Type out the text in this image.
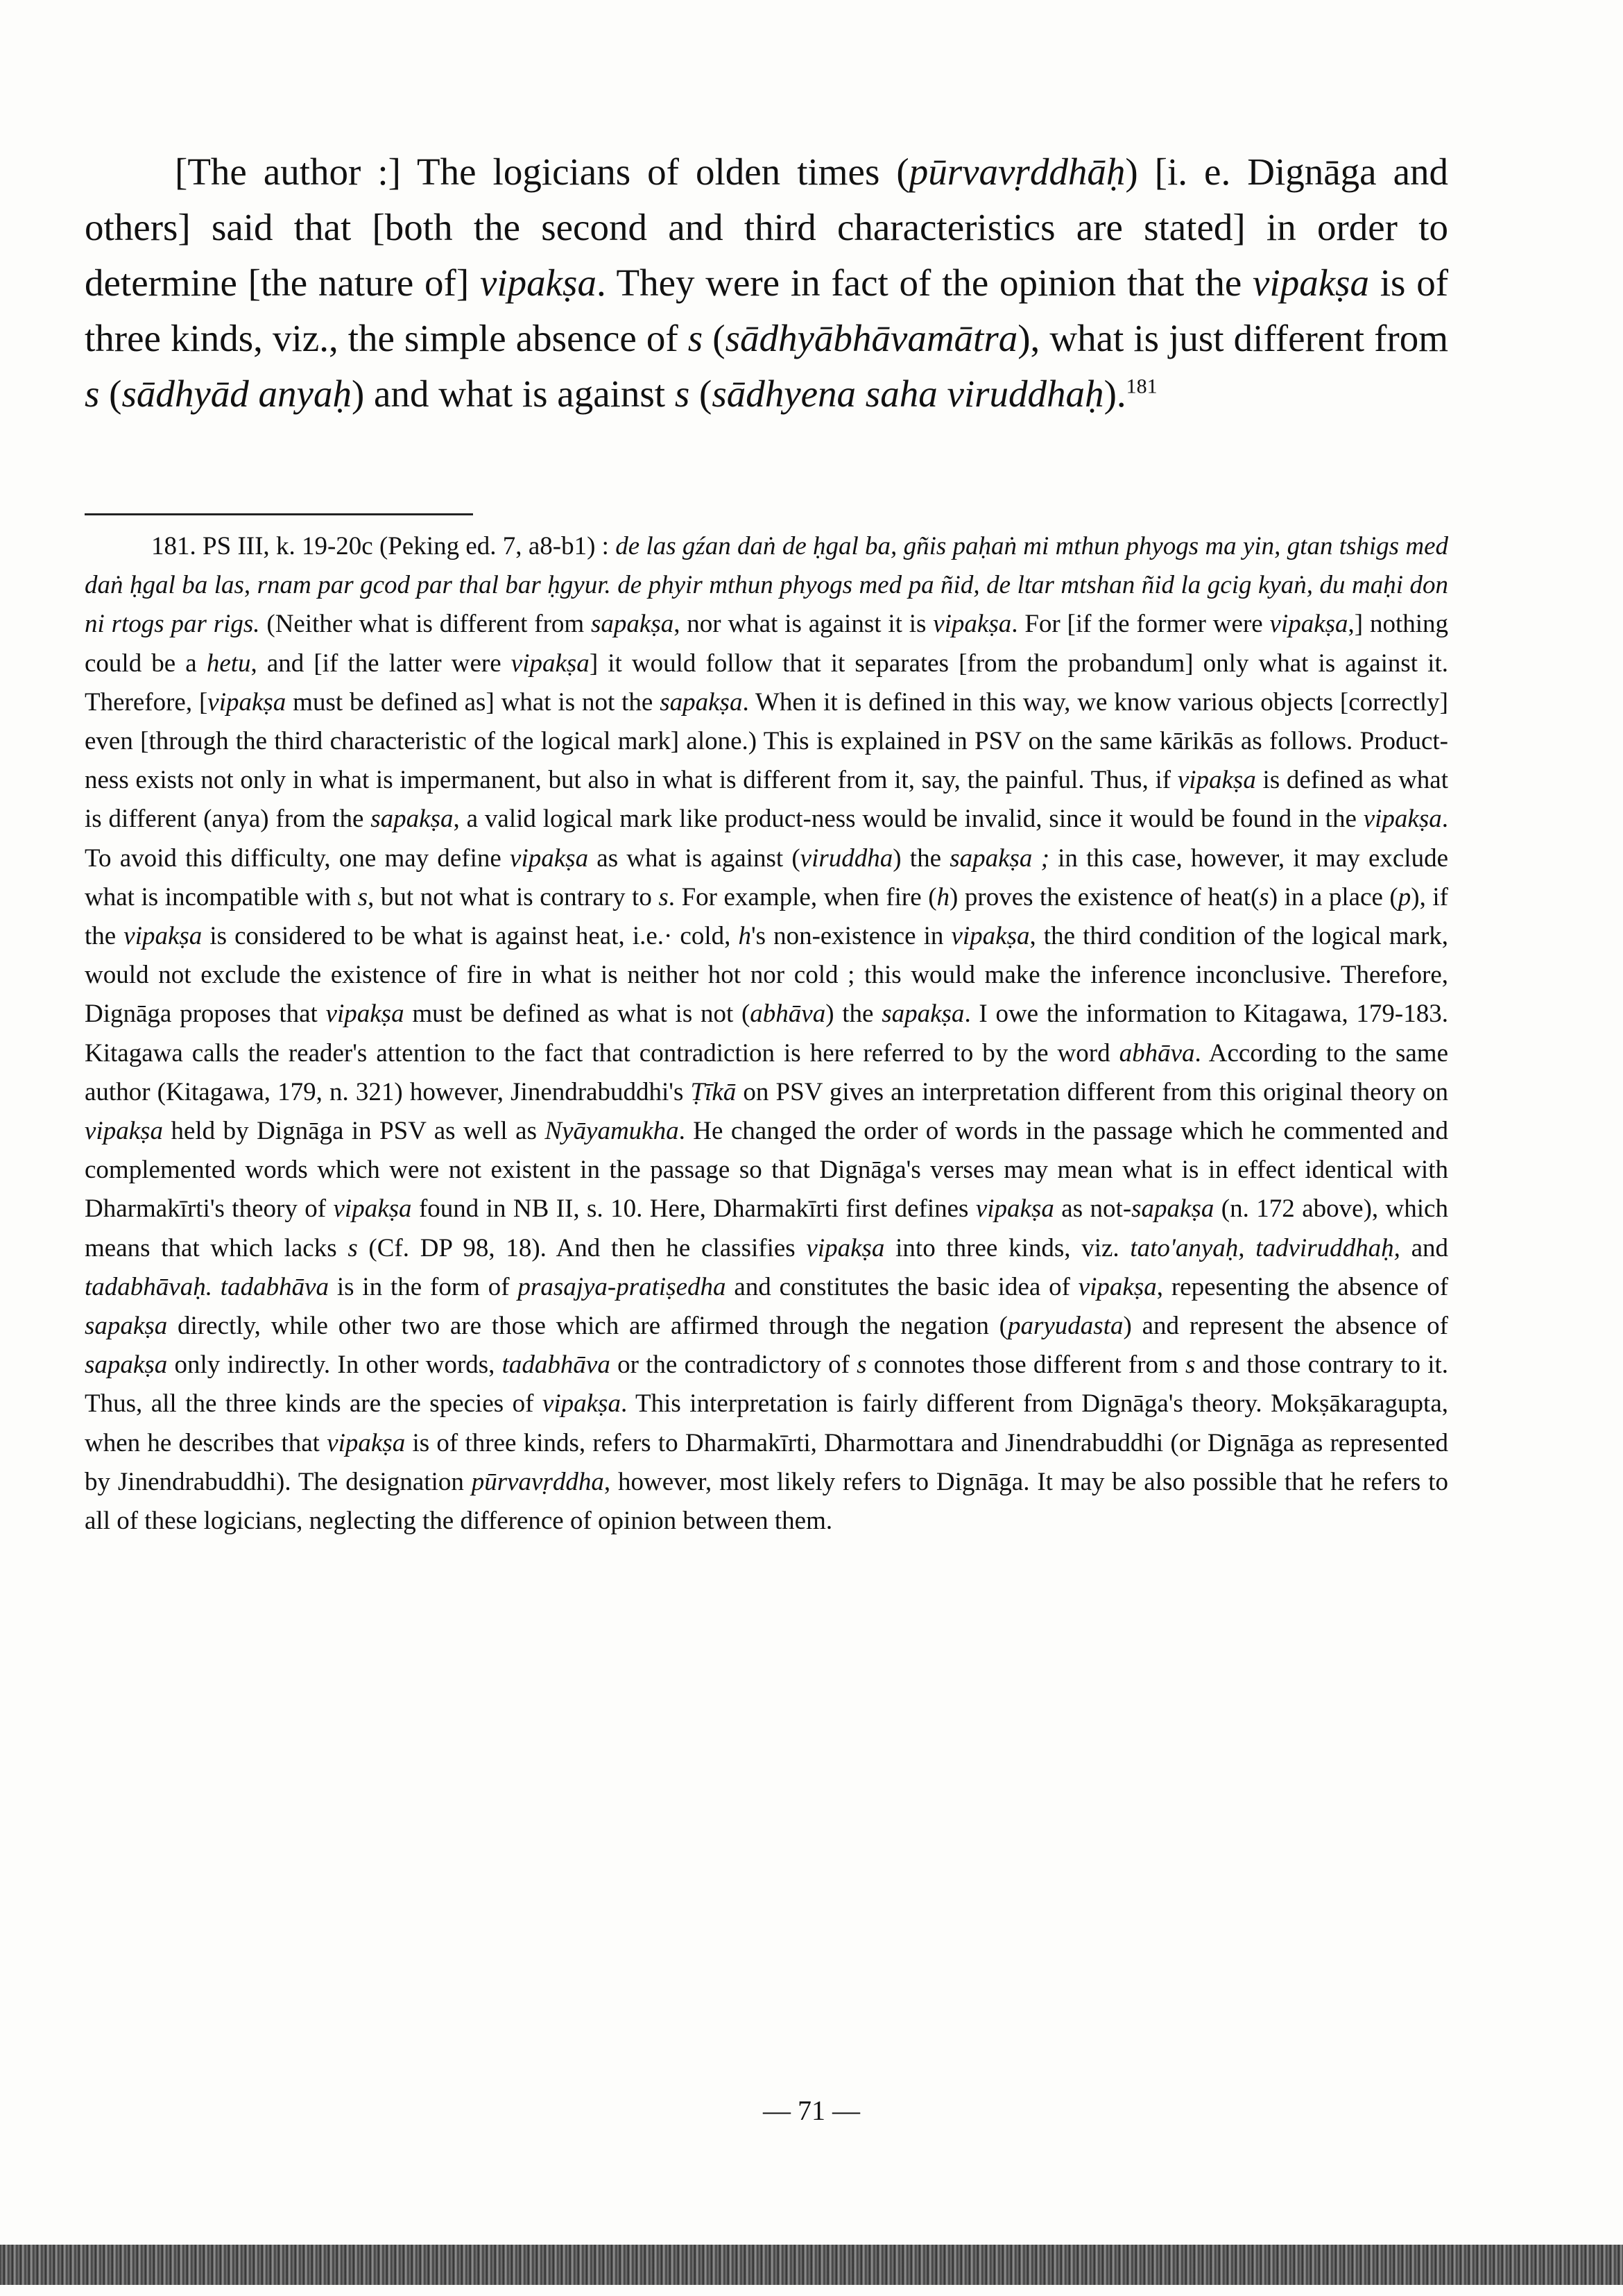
[The author :] The logicians of olden times (pūrvavṛddhāḥ) [i. e. Dignāga and others] said that [both the second and third characteristics are stated] in order to determine [the nature of] vipakṣa. They were in fact of the opinion that the vipakṣa is of three kinds, viz., the simple absence of s (sādhyābhāvamātra), what is just different from s (sādhyād anyaḥ) and what is against s (sādhyena saha viruddhaḥ).$^{181}$

181. PS III, k. 19-20c (Peking ed. 7, a8-b1) : de las gźan daṅ de ḥgal ba, gñis paḥaṅ mi mthun phyogs ma yin, gtan tshigs med daṅ ḥgal ba las, rnam par gcod par thal bar ḥgyur. de phyir mthun phyogs med pa ñid, de ltar mtshan ñid la gcig kyaṅ, du maḥi don ni rtogs par rigs. (Neither what is different from sapakṣa, nor what is against it is vipakṣa. For [if the former were vipakṣa,] nothing could be a hetu, and [if the latter were vipakṣa] it would follow that it separates [from the probandum] only what is against it. Therefore, [vipakṣa must be defined as] what is not the sapakṣa. When it is defined in this way, we know various objects [correctly] even [through the third characteristic of the logical mark] alone.) This is explained in PSV on the same kārikās as follows. Product-ness exists not only in what is impermanent, but also in what is different from it, say, the painful. Thus, if vipakṣa is defined as what is different (anya) from the sapakṣa, a valid logical mark like product-ness would be invalid, since it would be found in the vipakṣa. To avoid this difficulty, one may define vipakṣa as what is against (viruddha) the sapakṣa ; in this case, however, it may exclude what is incompatible with s, but not what is contrary to s. For example, when fire (h) proves the existence of heat(s) in a place (p), if the vipakṣa is considered to be what is against heat, i.e.· cold, h's non-existence in vipakṣa, the third condition of the logical mark, would not exclude the existence of fire in what is neither hot nor cold ; this would make the inference inconclusive. Therefore, Dignāga proposes that vipakṣa must be defined as what is not (abhāva) the sapakṣa. I owe the information to Kitagawa, 179-183. Kitagawa calls the reader's attention to the fact that contradiction is here referred to by the word abhāva. According to the same author (Kitagawa, 179, n. 321) however, Jinendrabuddhi's Ṭīkā on PSV gives an interpretation different from this original theory on vipakṣa held by Dignāga in PSV as well as Nyāyamukha. He changed the order of words in the passage which he commented and complemented words which were not existent in the passage so that Dignāga's verses may mean what is in effect identical with Dharmakīrti's theory of vipakṣa found in NB II, s. 10. Here, Dharmakīrti first defines vipakṣa as not-sapakṣa (n. 172 above), which means that which lacks s (Cf. DP 98, 18). And then he classifies vipakṣa into three kinds, viz. tato'anyaḥ, tadviruddhaḥ, and tadabhāvaḥ. tadabhāva is in the form of prasajya-pratiṣedha and constitutes the basic idea of vipakṣa, repesenting the absence of sapakṣa directly, while other two are those which are affirmed through the negation (paryudasta) and represent the absence of sapakṣa only indirectly. In other words, tadabhāva or the contradictory of s connotes those different from s and those contrary to it. Thus, all the three kinds are the species of vipakṣa. This interpretation is fairly different from Dignāga's theory. Mokṣākaragupta, when he describes that vipakṣa is of three kinds, refers to Dharmakīrti, Dharmottara and Jinendrabuddhi (or Dignāga as represented by Jinendrabuddhi). The designation pūrvavṛddha, however, most likely refers to Dignāga. It may be also possible that he refers to all of these logicians, neglecting the difference of opinion between them.

— 71 —
